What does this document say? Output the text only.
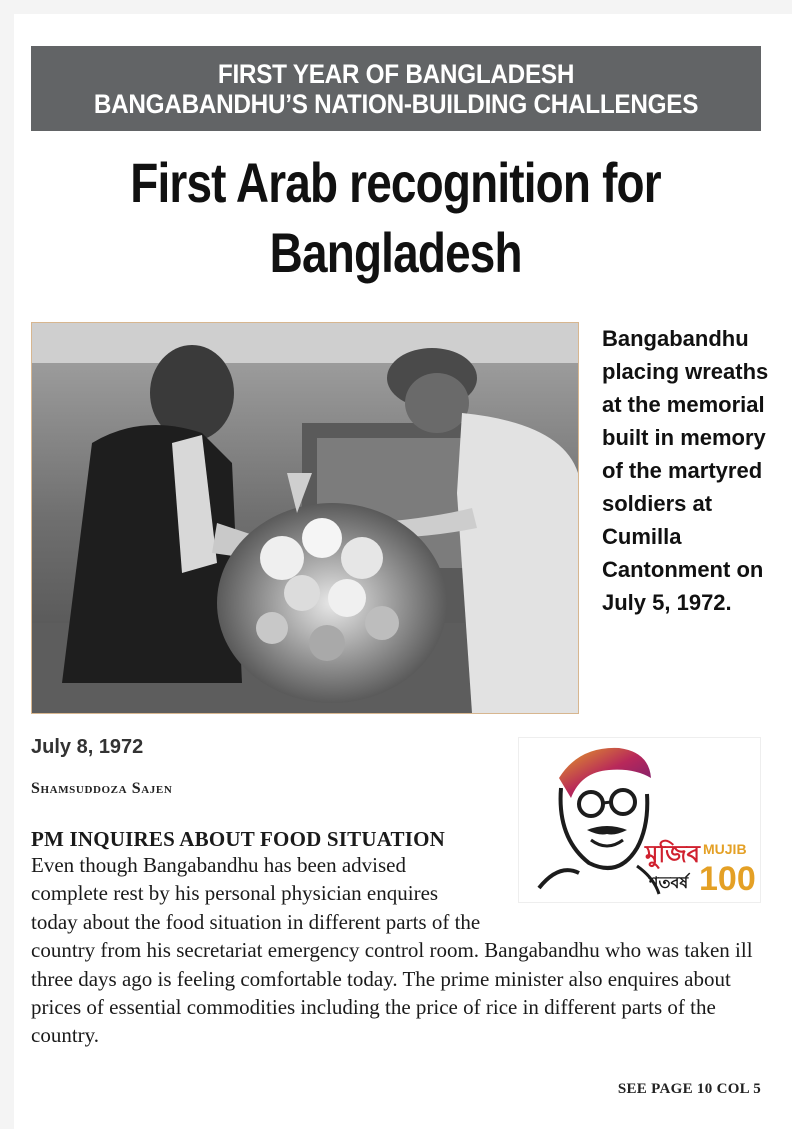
FIRST YEAR OF BANGLADESH
BANGABANDHU’S NATION-BUILDING CHALLENGES
First Arab recognition for
Bangladesh
Bangabandhu placing wreaths at the memorial built in memory of the martyred soldiers at Cumilla Cantonment on July 5, 1972.
July 8, 1972
Shamsuddoza Sajen
মুজিব
শতবর্ষ
MUJIB
100
PM INQUIRES ABOUT FOOD SITUATION
Even though Bangabandhu has been advised complete rest by his personal physician enquires today about the food situation in different parts of the country from his secretariat emergency control room. Bangabandhu who was taken ill three days ago is feeling comfortable today. The prime minister also enquires about prices of essential commodities including the price of rice in different parts of the country.
SEE PAGE 10 COL 5
